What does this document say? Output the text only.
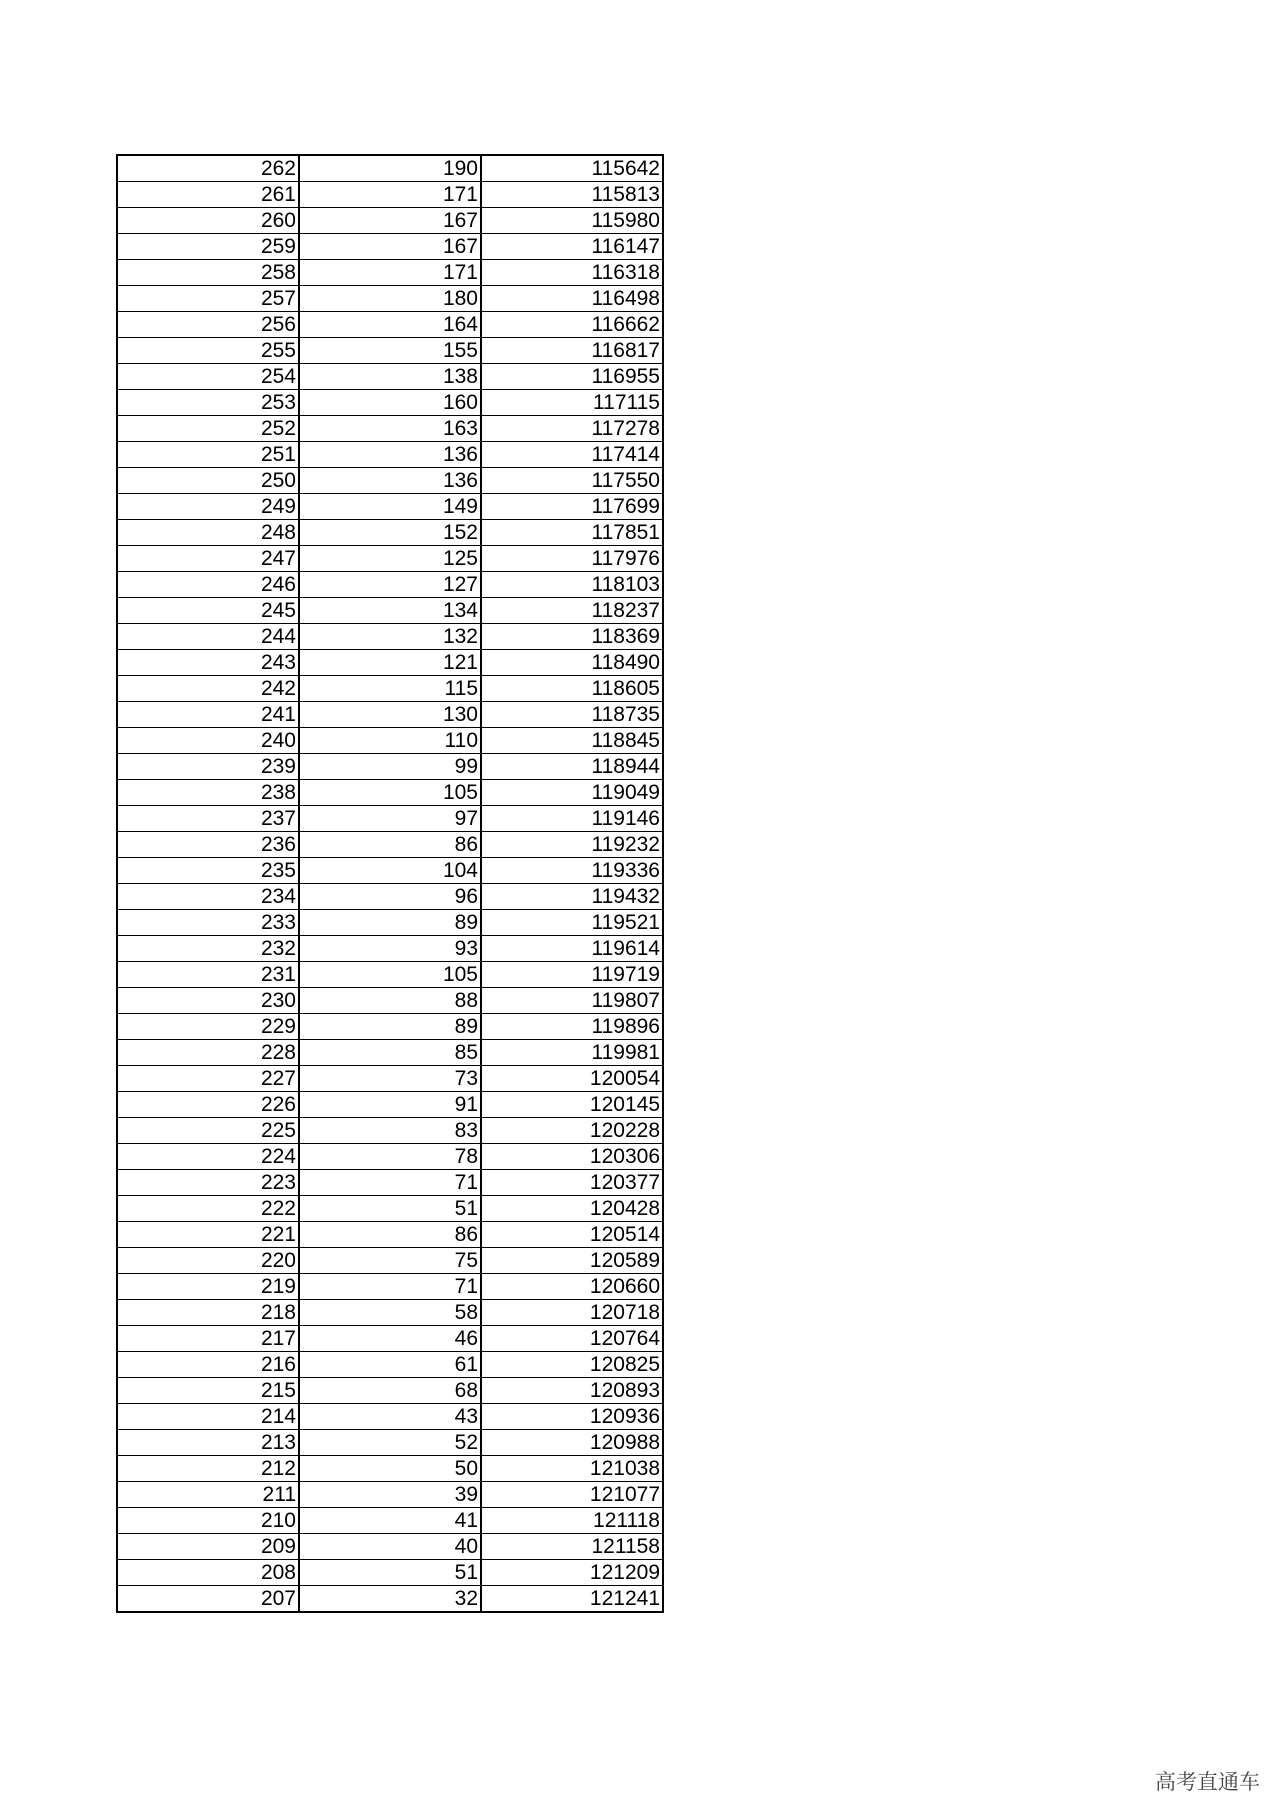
262	190	115642
261	171	115813
260	167	115980
259	167	116147
258	171	116318
257	180	116498
256	164	116662
255	155	116817
254	138	116955
253	160	117115
252	163	117278
251	136	117414
250	136	117550
249	149	117699
248	152	117851
247	125	117976
246	127	118103
245	134	118237
244	132	118369
243	121	118490
242	115	118605
241	130	118735
240	110	118845
239	99	118944
238	105	119049
237	97	119146
236	86	119232
235	104	119336
234	96	119432
233	89	119521
232	93	119614
231	105	119719
230	88	119807
229	89	119896
228	85	119981
227	73	120054
226	91	120145
225	83	120228
224	78	120306
223	71	120377
222	51	120428
221	86	120514
220	75	120589
219	71	120660
218	58	120718
217	46	120764
216	61	120825
215	68	120893
214	43	120936
213	52	120988
212	50	121038
211	39	121077
210	41	121118
209	40	121158
208	51	121209
207	32	121241
高考直通车
